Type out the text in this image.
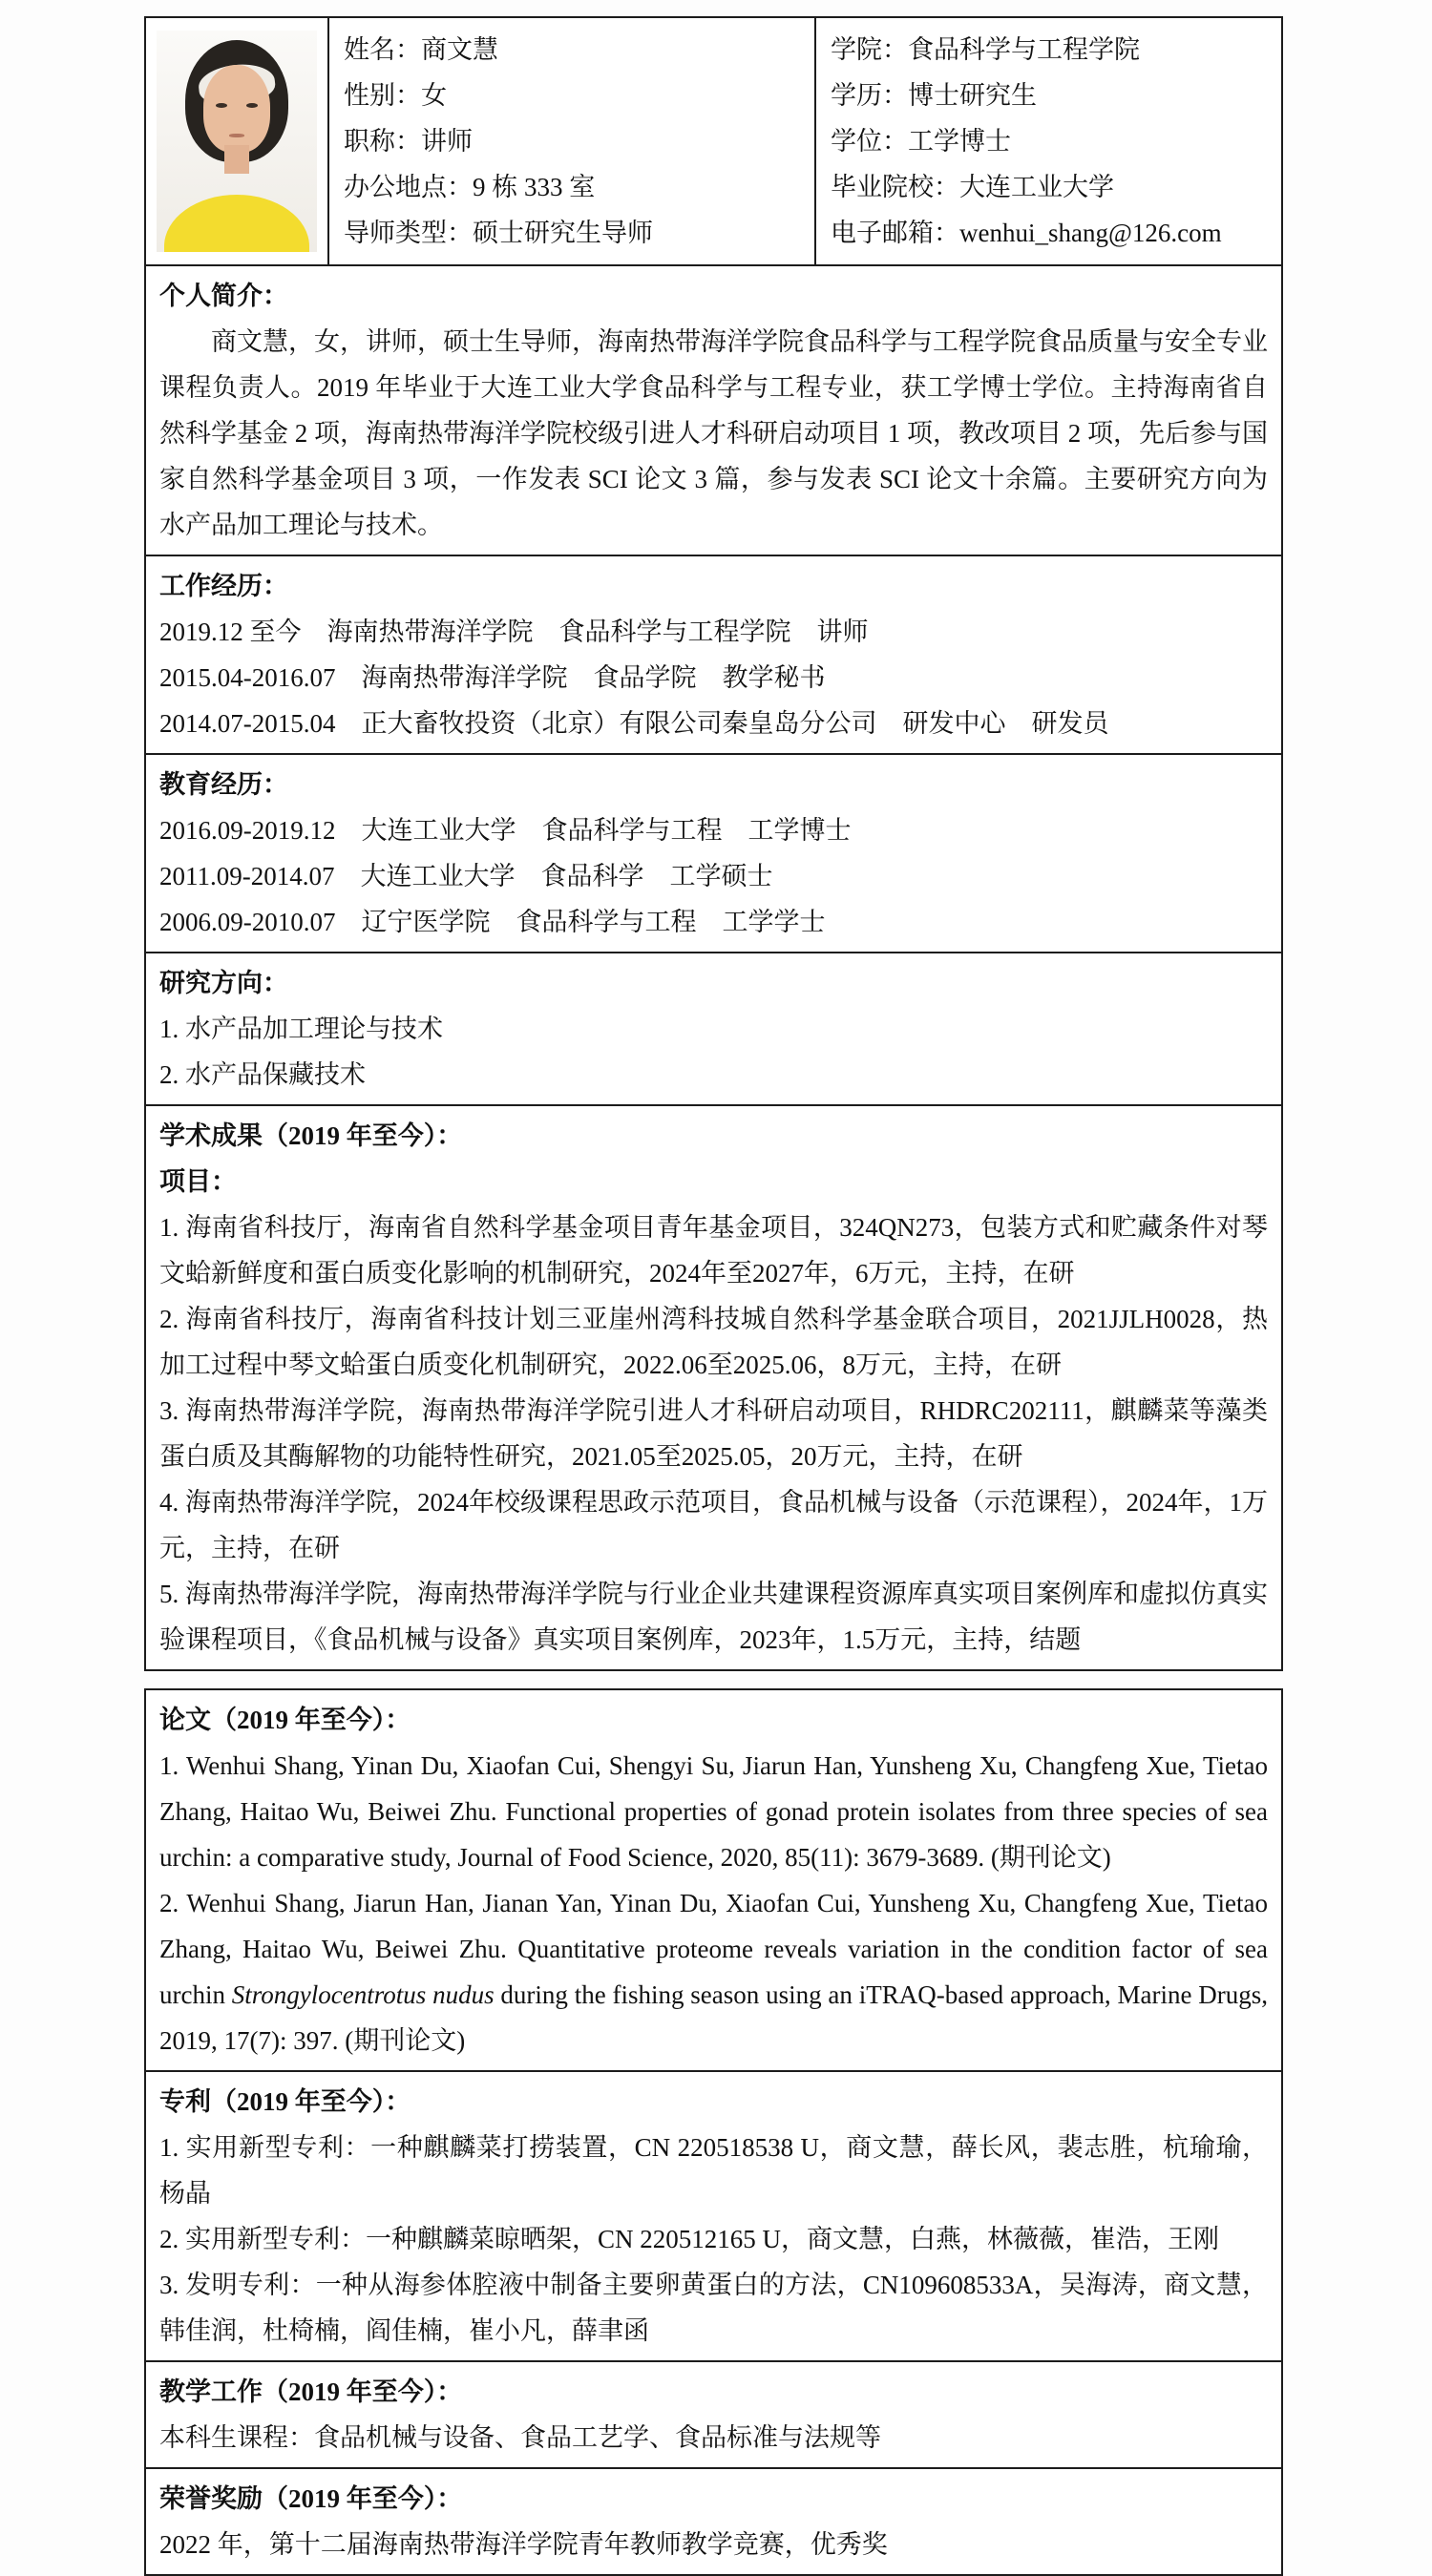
姓名：商文慧
性别：女
职称：讲师
办公地点：9 栋 333 室
导师类型：硕士研究生导师
学院：食品科学与工程学院
学历：博士研究生
学位：工学博士
毕业院校：大连工业大学
电子邮箱：wenhui_shang@126.com
个人简介：
商文慧，女，讲师，硕士生导师，海南热带海洋学院食品科学与工程学院食品质量与安全专业课程负责人。2019 年毕业于大连工业大学食品科学与工程专业，获工学博士学位。主持海南省自然科学基金 2 项，海南热带海洋学院校级引进人才科研启动项目 1 项，教改项目 2 项，先后参与国家自然科学基金项目 3 项，一作发表 SCI 论文 3 篇，参与发表 SCI 论文十余篇。主要研究方向为水产品加工理论与技术。
工作经历：
2019.12 至今　海南热带海洋学院　食品科学与工程学院　讲师
2015.04-2016.07　海南热带海洋学院　食品学院　教学秘书
2014.07-2015.04　正大畜牧投资（北京）有限公司秦皇岛分公司　研发中心　研发员
教育经历：
2016.09-2019.12　大连工业大学　食品科学与工程　工学博士
2011.09-2014.07　大连工业大学　食品科学　工学硕士
2006.09-2010.07　辽宁医学院　食品科学与工程　工学学士
研究方向：
1. 水产品加工理论与技术
2. 水产品保藏技术
学术成果（2019 年至今）：
项目：
1. 海南省科技厅，海南省自然科学基金项目青年基金项目，324QN273，包装方式和贮藏条件对琴文蛤新鲜度和蛋白质变化影响的机制研究，2024年至2027年，6万元，主持，在研
2. 海南省科技厅，海南省科技计划三亚崖州湾科技城自然科学基金联合项目，2021JJLH0028，热加工过程中琴文蛤蛋白质变化机制研究，2022.06至2025.06，8万元，主持，在研
3. 海南热带海洋学院，海南热带海洋学院引进人才科研启动项目，RHDRC202111，麒麟菜等藻类蛋白质及其酶解物的功能特性研究，2021.05至2025.05，20万元，主持，在研
4. 海南热带海洋学院，2024年校级课程思政示范项目，食品机械与设备（示范课程），2024年，1万元，主持，在研
5. 海南热带海洋学院，海南热带海洋学院与行业企业共建课程资源库真实项目案例库和虚拟仿真实验课程项目，《食品机械与设备》真实项目案例库，2023年，1.5万元，主持，结题
论文（2019 年至今）：
1. Wenhui Shang, Yinan Du, Xiaofan Cui, Shengyi Su, Jiarun Han, Yunsheng Xu, Changfeng Xue, Tietao Zhang, Haitao Wu, Beiwei Zhu. Functional properties of gonad protein isolates from three species of sea urchin: a comparative study, Journal of Food Science, 2020, 85(11): 3679-3689. (期刊论文)
2. Wenhui Shang, Jiarun Han, Jianan Yan, Yinan Du, Xiaofan Cui, Yunsheng Xu, Changfeng Xue, Tietao Zhang, Haitao Wu, Beiwei Zhu. Quantitative proteome reveals variation in the condition factor of sea urchin Strongylocentrotus nudus during the fishing season using an iTRAQ-based approach, Marine Drugs, 2019, 17(7): 397. (期刊论文)
专利（2019 年至今）：
1. 实用新型专利：一种麒麟菜打捞装置，CN 220518538 U，商文慧，薛长风，裴志胜，杭瑜瑜，杨晶
2. 实用新型专利：一种麒麟菜晾晒架，CN 220512165 U，商文慧，白燕，林薇薇，崔浩，王刚
3. 发明专利：一种从海参体腔液中制备主要卵黄蛋白的方法，CN109608533A，吴海涛，商文慧，韩佳润，杜椅楠，阎佳楠，崔小凡，薛聿函
教学工作（2019 年至今）：
本科生课程：食品机械与设备、食品工艺学、食品标准与法规等
荣誉奖励（2019 年至今）：
2022 年，第十二届海南热带海洋学院青年教师教学竞赛，优秀奖
